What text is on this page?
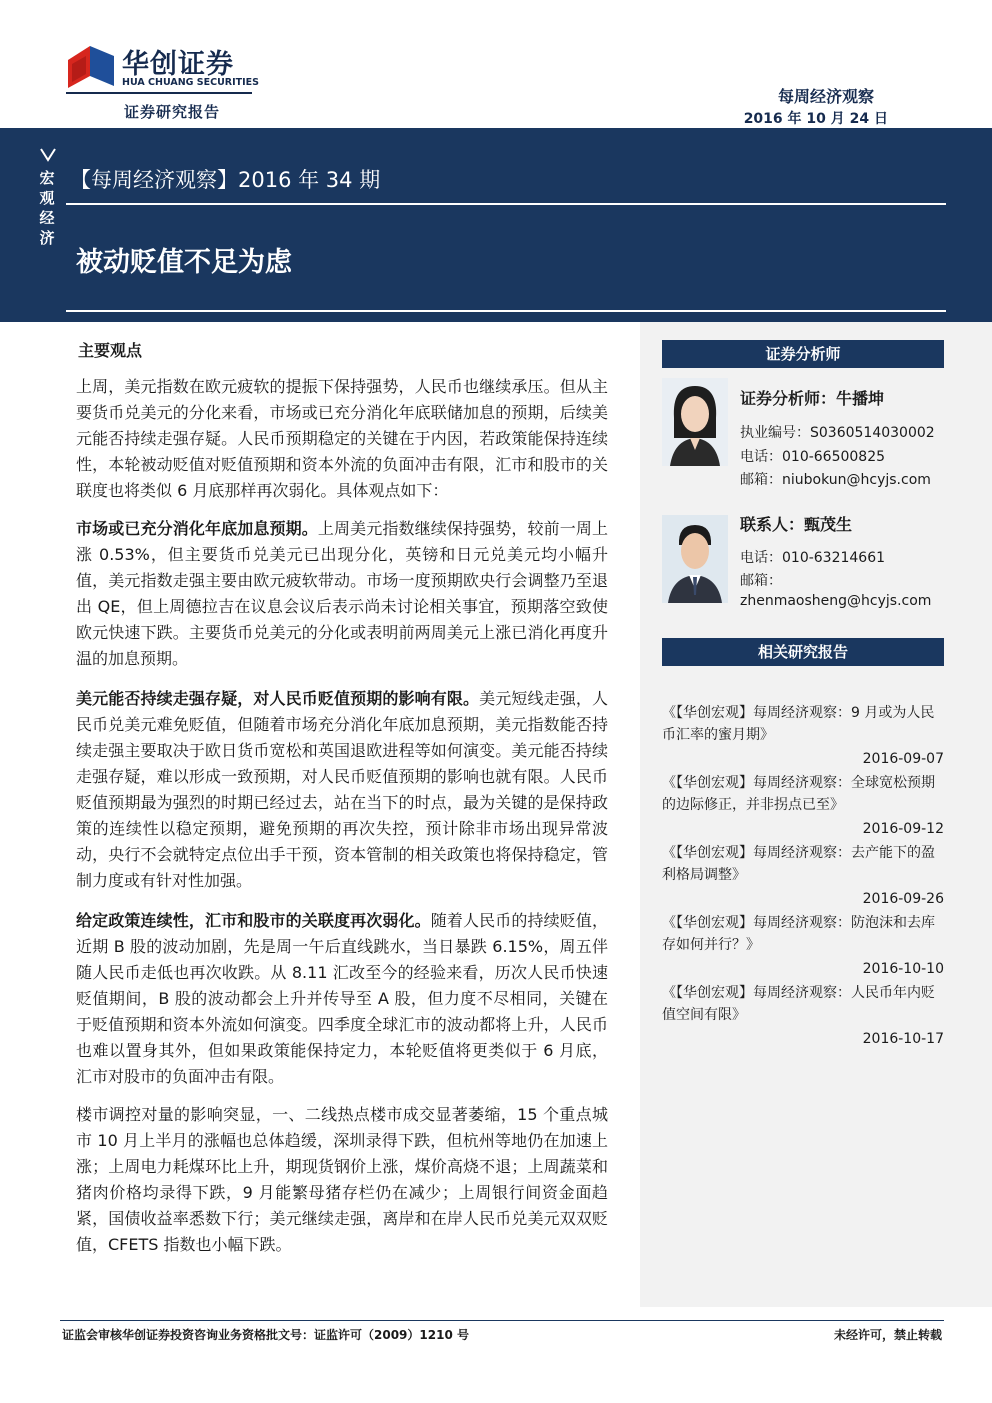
华创证券
HUA CHUANG SECURITIES
证券研究报告
每周经济观察
2016 年 10 月 24 日
宏观经济
【每周经济观察】2016 年 34 期
被动贬值不足为虑
证券分析师
证券分析师：牛播坤
执业编号：S0360514030002
电话：010-66500825
邮箱：niubokun@hcyjs.com
联系人：甄茂生
电话：010-63214661
邮箱：
zhenmaosheng@hcyjs.com
相关研究报告
《【华创宏观】每周经济观察：9 月或为人民币汇率的蜜月期》
2016-09-07
《【华创宏观】每周经济观察：全球宽松预期的边际修正，并非拐点已至》
2016-09-12
《【华创宏观】每周经济观察：去产能下的盈利格局调整》
2016-09-26
《【华创宏观】每周经济观察：防泡沫和去库存如何并行？》
2016-10-10
《【华创宏观】每周经济观察：人民币年内贬值空间有限》
2016-10-17
主要观点
上周，美元指数在欧元疲软的提振下保持强势，人民币也继续承压。但从主要货币兑美元的分化来看，市场或已充分消化年底联储加息的预期，后续美元能否持续走强存疑。人民币预期稳定的关键在于内因，若政策能保持连续性，本轮被动贬值对贬值预期和资本外流的负面冲击有限，汇市和股市的关联度也将类似 6 月底那样再次弱化。具体观点如下：
市场或已充分消化年底加息预期。上周美元指数继续保持强势，较前一周上涨 0.53%，但主要货币兑美元已出现分化，英镑和日元兑美元均小幅升值，美元指数走强主要由欧元疲软带动。市场一度预期欧央行会调整乃至退出 QE，但上周德拉吉在议息会议后表示尚未讨论相关事宜，预期落空致使欧元快速下跌。主要货币兑美元的分化或表明前两周美元上涨已消化再度升温的加息预期。
美元能否持续走强存疑，对人民币贬值预期的影响有限。美元短线走强，人民币兑美元难免贬值，但随着市场充分消化年底加息预期，美元指数能否持续走强主要取决于欧日货币宽松和英国退欧进程等如何演变。美元能否持续走强存疑，难以形成一致预期，对人民币贬值预期的影响也就有限。人民币贬值预期最为强烈的时期已经过去，站在当下的时点，最为关键的是保持政策的连续性以稳定预期，避免预期的再次失控，预计除非市场出现异常波动，央行不会就特定点位出手干预，资本管制的相关政策也将保持稳定，管制力度或有针对性加强。
给定政策连续性，汇市和股市的关联度再次弱化。随着人民币的持续贬值，近期 B 股的波动加剧，先是周一午后直线跳水，当日暴跌 6.15%，周五伴随人民币走低也再次收跌。从 8.11 汇改至今的经验来看，历次人民币快速贬值期间，B 股的波动都会上升并传导至 A 股，但力度不尽相同，关键在于贬值预期和资本外流如何演变。四季度全球汇市的波动都将上升，人民币也难以置身其外，但如果政策能保持定力，本轮贬值将更类似于 6 月底，汇市对股市的负面冲击有限。
楼市调控对量的影响突显，一、二线热点楼市成交显著萎缩，15 个重点城市 10 月上半月的涨幅也总体趋缓，深圳录得下跌，但杭州等地仍在加速上涨；上周电力耗煤环比上升，期现货钢价上涨，煤价高烧不退；上周蔬菜和猪肉价格均录得下跌，9 月能繁母猪存栏仍在减少；上周银行间资金面趋紧，国债收益率悉数下行；美元继续走强，离岸和在岸人民币兑美元双双贬值，CFETS 指数也小幅下跌。
证监会审核华创证券投资咨询业务资格批文号：证监许可（2009）1210 号	未经许可，禁止转载
